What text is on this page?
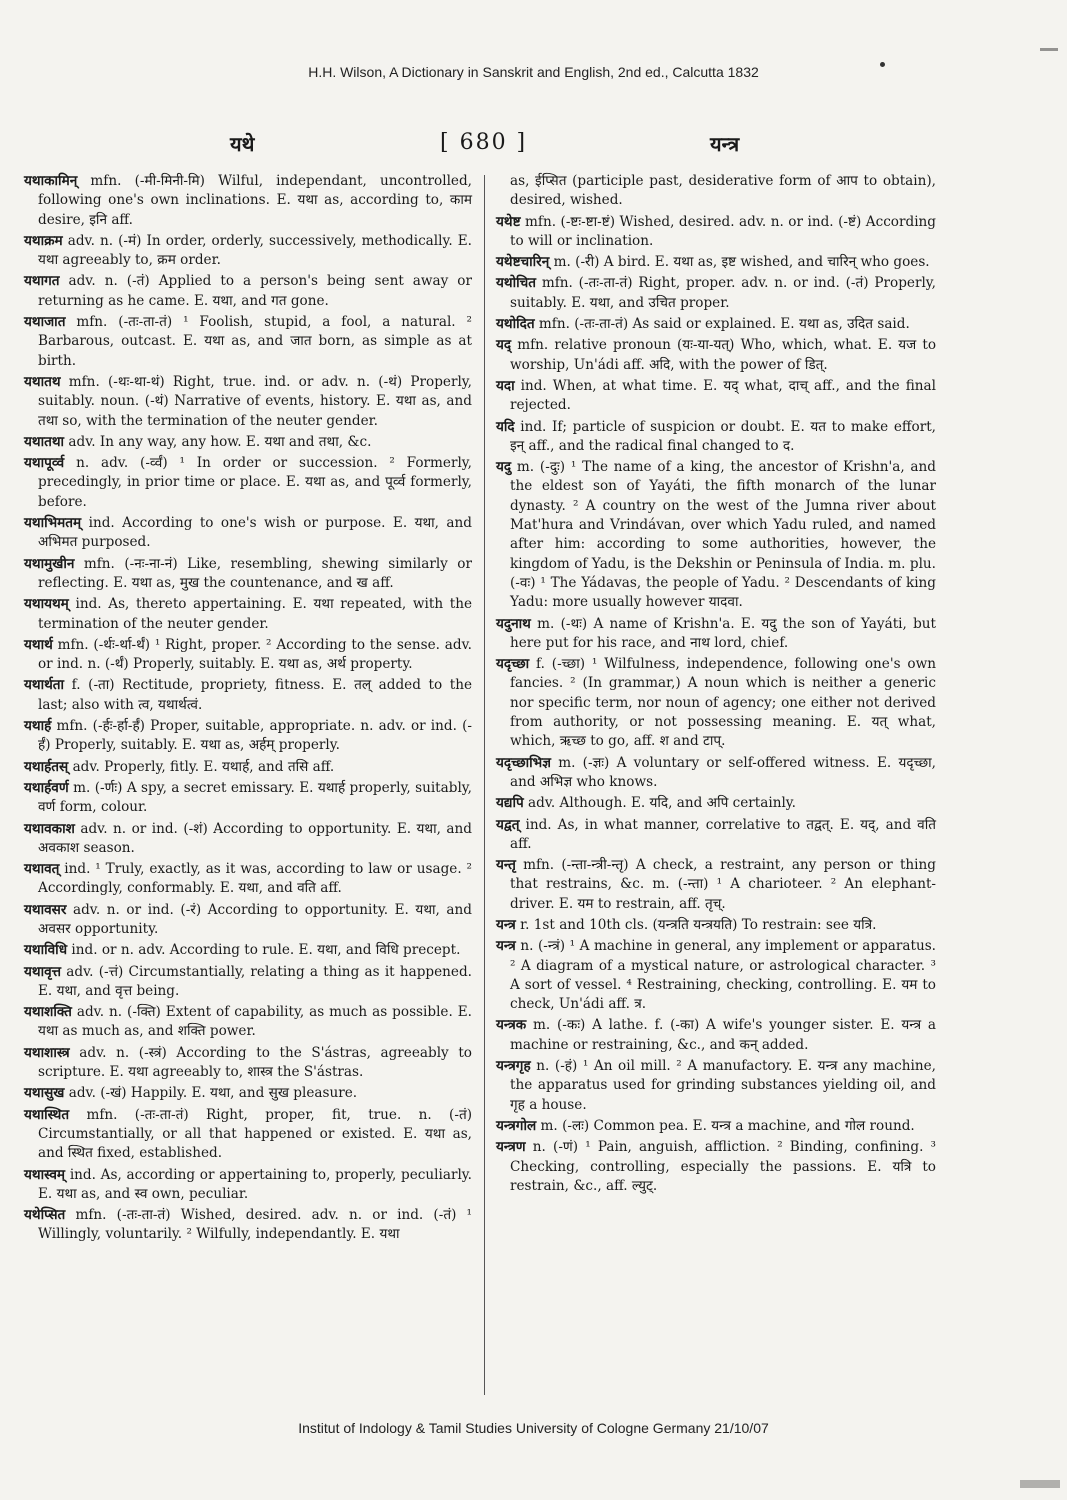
H.H. Wilson, A Dictionary in Sanskrit and English, 2nd ed., Calcutta 1832
यथे	[ 680 ]	यन्त्र

यथाकामिन् mfn. (-मी-मिनी-मि) Wilful, independant, uncontrolled, following one's own inclinations. E. यथा as, according to, काम desire, इनि aff.

यथाक्रम adv. n. (-मं) In order, orderly, successively, methodically. E. यथा agreeably to, क्रम order.

यथागत adv. n. (-तं) Applied to a person's being sent away or returning as he came. E. यथा, and गत gone.

यथाजात mfn. (-तः-ता-तं) ¹ Foolish, stupid, a fool, a natural. ² Barbarous, outcast. E. यथा as, and जात born, as simple as at birth.

यथातथ mfn. (-थः-था-थं) Right, true. ind. or adv. n. (-थं) Properly, suitably. noun. (-थं) Narrative of events, history. E. यथा as, and तथा so, with the termination of the neuter gender.

यथातथा adv. In any way, any how. E. यथा and तथा, &c.

यथापूर्व्व n. adv. (-र्व्वं) ¹ In order or succession. ² Formerly, precedingly, in prior time or place. E. यथा as, and पूर्व्व formerly, before.

यथाभिमतम् ind. According to one's wish or purpose. E. यथा, and अभिमत purposed.

यथामुखीन mfn. (-नः-ना-नं) Like, resembling, shewing similarly or reflecting. E. यथा as, मुख the countenance, and ख aff.

यथायथम् ind. As, thereto appertaining. E. यथा repeated, with the termination of the neuter gender.

यथार्थ mfn. (-र्थः-र्था-र्थं) ¹ Right, proper. ² According to the sense. adv. or ind. n. (-र्थं) Properly, suitably. E. यथा as, अर्थ property.

यथार्थता f. (-ता) Rectitude, propriety, fitness. E. तल् added to the last; also with त्व, यथार्थत्वं.

यथार्ह mfn. (-र्हः-र्हा-र्हं) Proper, suitable, appropriate. n. adv. or ind. (-र्हं) Properly, suitably. E. यथा as, अर्हम् properly.

यथार्हतस् adv. Properly, fitly. E. यथार्ह, and तसि aff.

यथार्हवर्ण m. (-र्णः) A spy, a secret emissary. E. यथार्ह properly, suitably, वर्ण form, colour.

यथावकाश adv. n. or ind. (-शं) According to opportunity. E. यथा, and अवकाश season.

यथावत् ind. ¹ Truly, exactly, as it was, according to law or usage. ² Accordingly, conformably. E. यथा, and वति aff.

यथावसर adv. n. or ind. (-रं) According to opportunity. E. यथा, and अवसर opportunity.

यथाविधि ind. or n. adv. According to rule. E. यथा, and विधि precept.

यथावृत्त adv. (-त्तं) Circumstantially, relating a thing as it happened. E. यथा, and वृत्त being.

यथाशक्ति adv. n. (-क्ति) Extent of capability, as much as possible. E. यथा as much as, and शक्ति power.

यथाशास्त्र adv. n. (-स्त्रं) According to the S'ástras, agreeably to scripture. E. यथा agreeably to, शास्त्र the S'ástras.

यथासुख adv. (-खं) Happily. E. यथा, and सुख pleasure.

यथास्थित mfn. (-तः-ता-तं) Right, proper, fit, true. n. (-तं) Circumstantially, or all that happened or existed. E. यथा as, and स्थित fixed, established.

यथास्वम् ind. As, according or appertaining to, properly, peculiarly. E. यथा as, and स्व own, peculiar.

यथेप्सित mfn. (-तः-ता-तं) Wished, desired. adv. n. or ind. (-तं) ¹ Willingly, voluntarily. ² Wilfully, independantly. E. यथा

as, ईप्सित (participle past, desiderative form of आप to obtain), desired, wished.

यथेष्ट mfn. (-ष्टः-ष्टा-ष्टं) Wished, desired. adv. n. or ind. (-ष्टं) According to will or inclination.

यथेष्टचारिन् m. (-री) A bird. E. यथा as, इष्ट wished, and चारिन् who goes.

यथोचित mfn. (-तः-ता-तं) Right, proper. adv. n. or ind. (-तं) Properly, suitably. E. यथा, and उचित proper.

यथोदित mfn. (-तः-ता-तं) As said or explained. E. यथा as, उदित said.

यद् mfn. relative pronoun (यः-या-यत्) Who, which, what. E. यज to worship, Un'ádi aff. अदि, with the power of डित्.

यदा ind. When, at what time. E. यद् what, दाच् aff., and the final rejected.

यदि ind. If; particle of suspicion or doubt. E. यत to make effort, इन् aff., and the radical final changed to द.

यदु m. (-दुः) ¹ The name of a king, the ancestor of Krishn'a, and the eldest son of Yayáti, the fifth monarch of the lunar dynasty. ² A country on the west of the Jumna river about Mat'hura and Vrindávan, over which Yadu ruled, and named after him: according to some authorities, however, the kingdom of Yadu, is the Dekshin or Peninsula of India. m. plu. (-वः) ¹ The Yádavas, the people of Yadu. ² Descendants of king Yadu: more usually however यादवा.

यदुनाथ m. (-थः) A name of Krishn'a. E. यदु the son of Yayáti, but here put for his race, and नाथ lord, chief.

यदृच्छा f. (-च्छा) ¹ Wilfulness, independence, following one's own fancies. ² (In grammar,) A noun which is neither a generic nor specific term, nor noun of agency; one either not derived from authority, or not possessing meaning. E. यत् what, which, ऋच्छ to go, aff. श and टाप्.

यदृच्छाभिज्ञ m. (-ज्ञः) A voluntary or self-offered witness. E. यदृच्छा, and अभिज्ञ who knows.

यद्यपि adv. Although. E. यदि, and अपि certainly.

यद्वत् ind. As, in what manner, correlative to तद्वत्. E. यद्, and वति aff.

यन्तृ mfn. (-न्ता-न्त्री-न्तृ) A check, a restraint, any person or thing that restrains, &c. m. (-न्ता) ¹ A charioteer. ² An elephant-driver. E. यम to restrain, aff. तृच्.

यन्त्र r. 1st and 10th cls. (यन्त्रति यन्त्रयति) To restrain: see यत्रि.

यन्त्र n. (-न्त्रं) ¹ A machine in general, any implement or apparatus. ² A diagram of a mystical nature, or astrological character. ³ A sort of vessel. ⁴ Restraining, checking, controlling. E. यम to check, Un'ádi aff. त्र.

यन्त्रक m. (-कः) A lathe. f. (-का) A wife's younger sister. E. यन्त्र a machine or restraining, &c., and कन् added.

यन्त्रगृह n. (-हं) ¹ An oil mill. ² A manufactory. E. यन्त्र any machine, the apparatus used for grinding substances yielding oil, and गृह a house.

यन्त्रगोल m. (-लः) Common pea. E. यन्त्र a machine, and गोल round.

यन्त्रण n. (-णं) ¹ Pain, anguish, affliction. ² Binding, confining. ³ Checking, controlling, especially the passions. E. यत्रि to restrain, &c., aff. ल्युट्.

Institut of Indology & Tamil Studies University of Cologne Germany 21/10/07
